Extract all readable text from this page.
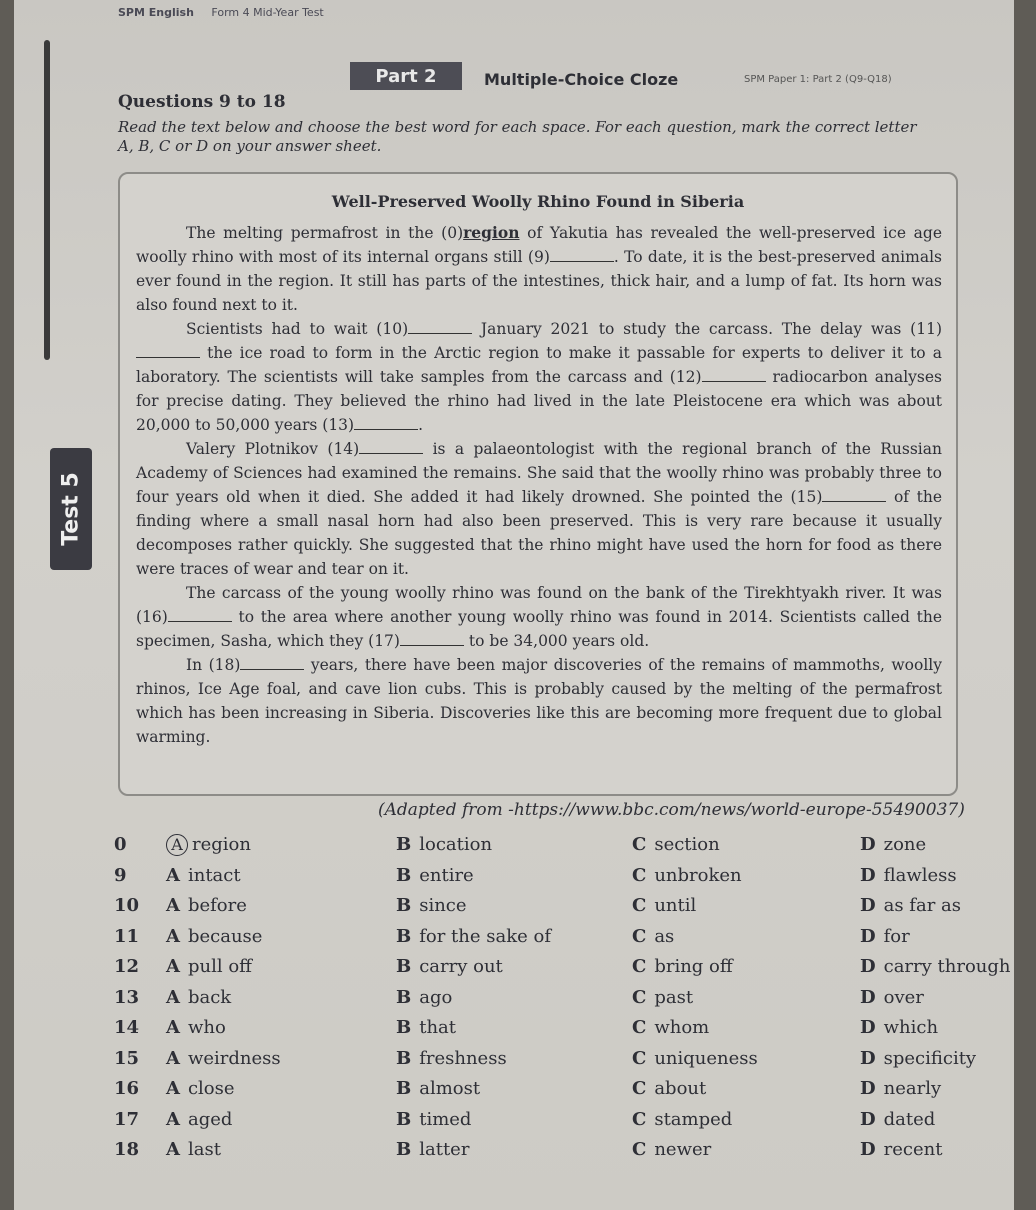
SPM English Form 4 Mid-Year Test
Part 2	Multiple-Choice Cloze	SPM Paper 1: Part 2 (Q9-Q18)
Questions 9 to 18
Read the text below and choose the best word for each space. For each question, mark the correct letter A, B, C or D on your answer sheet.
Test 5
Well-Preserved Woolly Rhino Found in Siberia

The melting permafrost in the (0)region of Yakutia has revealed the well-preserved ice age woolly rhino with most of its internal organs still (9)	. To date, it is the best-preserved animals ever found in the region. It still has parts of the intestines, thick hair, and a lump of fat. Its horn was also found next to it.

Scientists had to wait (10)	January 2021 to study the carcass. The delay was (11) the ice road to form in the Arctic region to make it passable for experts to deliver it to a laboratory. The scientists will take samples from the carcass and (12)	radiocarbon analyses for precise dating. They believed the rhino had lived in the late Pleistocene era which was about 20,000 to 50,000 years (13)	.

Valery Plotnikov (14)	is a palaeontologist with the regional branch of the Russian Academy of Sciences had examined the remains. She said that the woolly rhino was probably three to four years old when it died. She added it had likely drowned. She pointed the (15)	of the finding where a small nasal horn had also been preserved. This is very rare because it usually decomposes rather quickly. She suggested that the rhino might have used the horn for food as there were traces of wear and tear on it.

The carcass of the young woolly rhino was found on the bank of the Tirekhtyakh river. It was (16)	to the area where another young woolly rhino was found in 2014. Scientists called the specimen, Sasha, which they (17)	to be 34,000 years old.

In (18)	years, there have been major discoveries of the remains of mammoths, woolly rhinos, Ice Age foal, and cave lion cubs. This is probably caused by the melting of the permafrost which has been increasing in Siberia. Discoveries like this are becoming more frequent due to global warming.

(Adapted from -https://www.bbc.com/news/world-europe-55490037)
0	A region	B location	C section	D zone
9	A intact	B entire	C unbroken	D flawless
10	A before	B since	C until	D as far as
11	A because	B for the sake of	C as	D for
12	A pull off	B carry out	C bring off	D carry through
13	A back	B ago	C past	D over
14	A who	B that	C whom	D which
15	A weirdness	B freshness	C uniqueness	D specificity
16	A close	B almost	C about	D nearly
17	A aged	B timed	C stamped	D dated
18	A last	B latter	C newer	D recent
